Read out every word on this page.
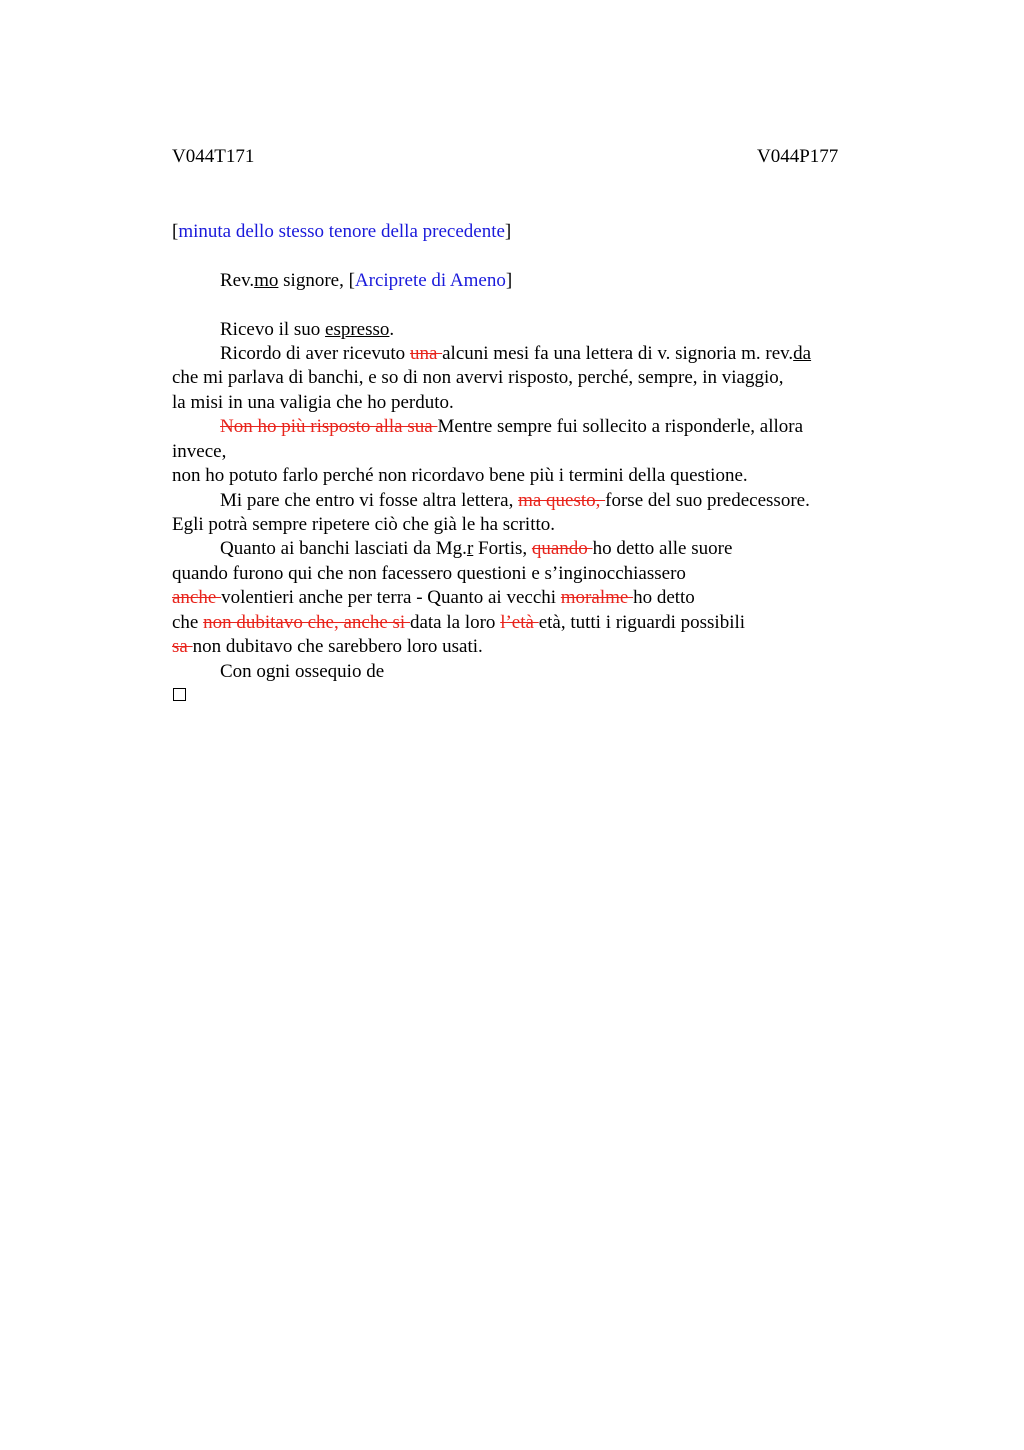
V044T171	V044P177
[minuta dello stesso tenore della precedente]
Rev.mo signore, [Arciprete di Ameno]
Ricevo il suo espresso.
Ricordo di aver ricevuto una alcuni mesi fa una lettera di v. signoria m. rev.da
che mi parlava di banchi, e so di non avervi risposto, perché, sempre, in viaggio,
la misi in una valigia che ho perduto.
Non ho più risposto alla sua Mentre sempre fui sollecito a risponderle, allora
invece,
non ho potuto farlo perché non ricordavo bene più i termini della questione.
Mi pare che entro vi fosse altra lettera, ma questo, forse del suo predecessore.
Egli potrà sempre ripetere ciò che già le ha scritto.
Quanto ai banchi lasciati da Mg.r Fortis, quando ho detto alle suore
quando furono qui che non facessero questioni e s’inginocchiassero
anche volentieri anche per terra - Quanto ai vecchi moralme ho detto
che non dubitavo che, anche si data la loro l’età età, tutti i riguardi possibili
sa non dubitavo che sarebbero loro usati.
Con ogni ossequio de
